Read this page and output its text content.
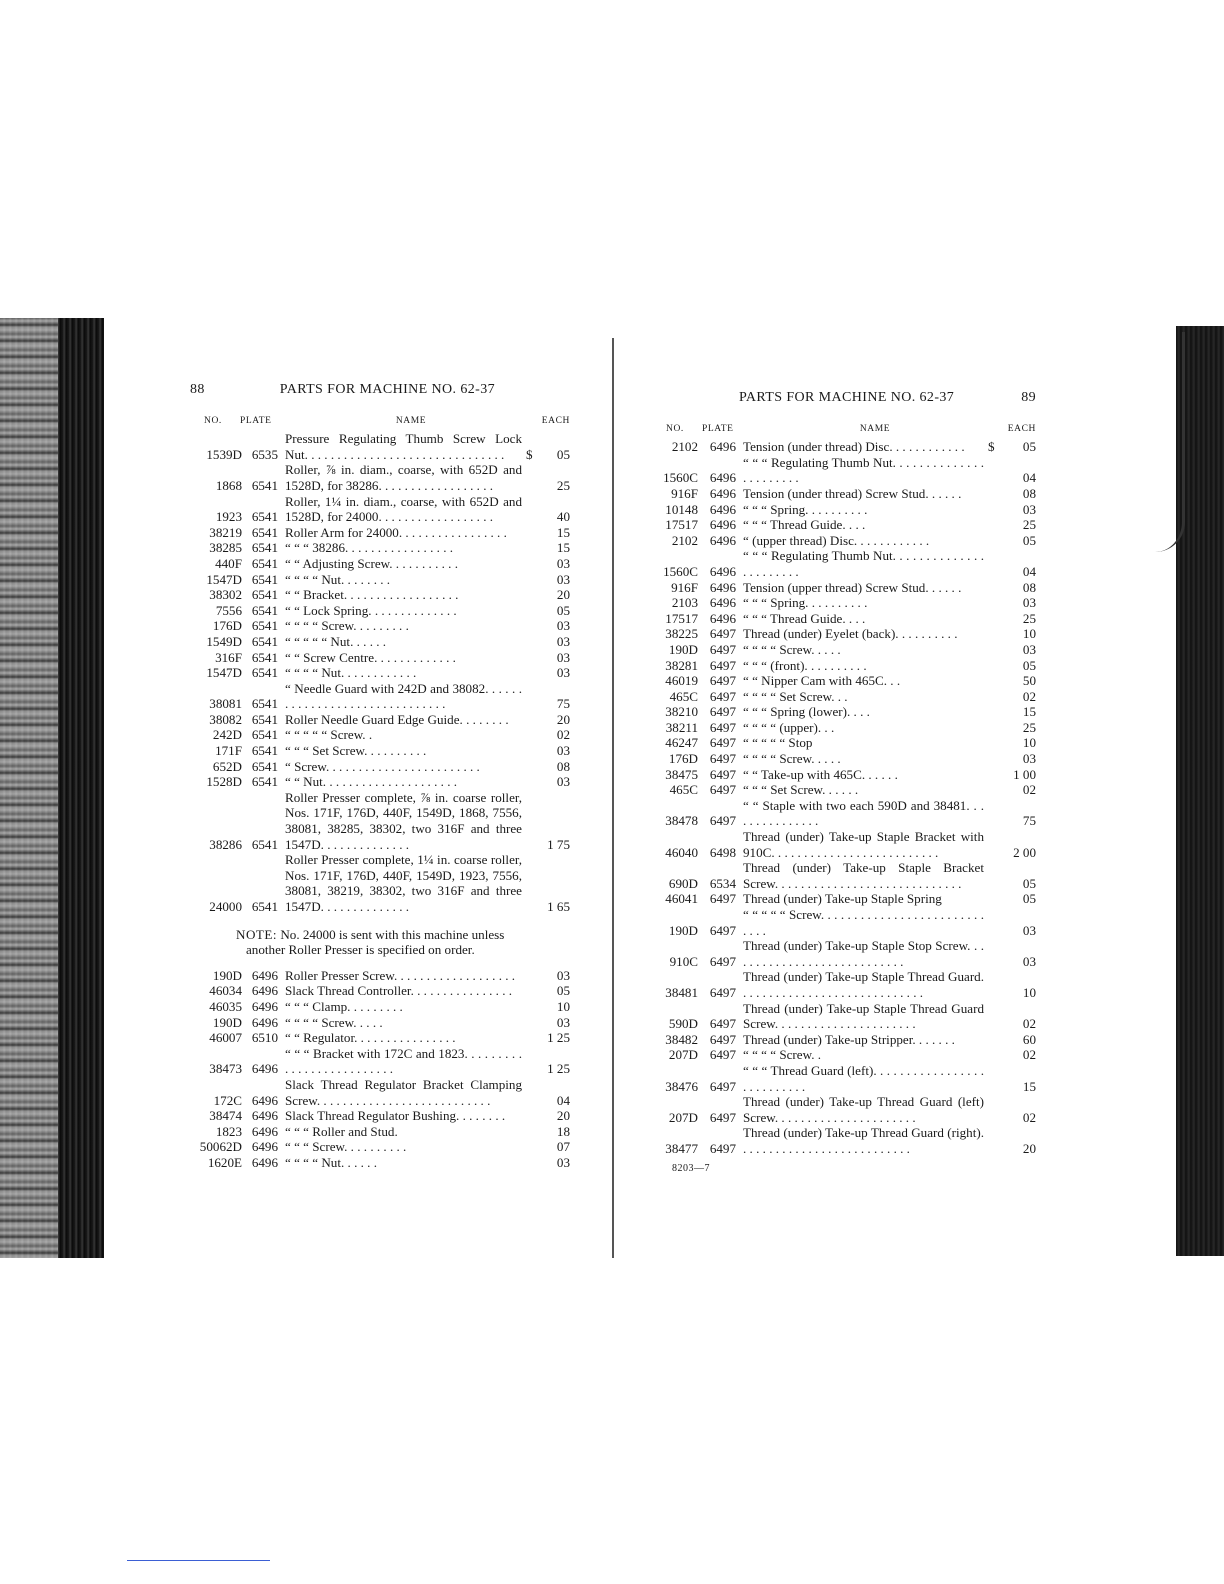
88	PARTS FOR MACHINE NO. 62-37
NO.	PLATE	NAME	EACH
1539D 6535
Pressure Regulating Thumb Screw Lock Nut. . . . . . . . . . . . . . . . . . . . . . . . . . . . . . .	$	05
1868 6541
Roller, ⅞ in. diam., coarse, with 652D and 1528D, for 38286. . . . . . . . . . . . . . . . . .	25
1923 6541
Roller, 1¼ in. diam., coarse, with 652D and 1528D, for 24000. . . . . . . . . . . . . . . . . .	40
38219 6541 Roller Arm for 24000. . . . . . . . . . . . . . . . .	15
38285 6541 “ “ “ 38286. . . . . . . . . . . . . . . . .	15
440F 6541 “ “ Adjusting Screw. . . . . . . . . . .	03
1547D 6541 “ “ “ “ Nut. . . . . . . .	03
38302 6541 “ “ Bracket. . . . . . . . . . . . . . . . . .	20
7556 6541 “ “ Lock Spring. . . . . . . . . . . . . .	05
176D 6541 “ “ “ “ Screw. . . . . . . . .	03
1549D 6541 “ “ “ “ “ Nut. . . . . .	03
316F 6541 “ “ Screw Centre. . . . . . . . . . . . .	03
1547D 6541 “ “ “ “ Nut. . . . . . . . . . . .	03
38081 6541
“ Needle Guard with 242D and 38082. . . . . . . . . . . . . . . . . . . . . . . . . . . . . . .	75
38082 6541 Roller Needle Guard Edge Guide. . . . . . . .	20
242D 6541 “ “ “ “ “ Screw. .	02
171F 6541 “ “ “ Set Screw. . . . . . . . . .	03
652D 6541 “ Screw. . . . . . . . . . . . . . . . . . . . . . . .	08
1528D 6541 “ “ Nut. . . . . . . . . . . . . . . . . . . . .	03
38286 6541
Roller Presser complete, ⅞ in. coarse roller, Nos. 171F, 176D, 440F, 1549D, 1868, 7556, 38081, 38285, 38302, two 316F and three 1547D. . . . . . . . . . . . . .	1 75
24000 6541
Roller Presser complete, 1¼ in. coarse roller, Nos. 171F, 176D, 440F, 1549D, 1923, 7556, 38081, 38219, 38302, two 316F and three 1547D. . . . . . . . . . . . . .	1 65
NOTE: No. 24000 is sent with this machine unless another Roller Presser is specified on order.
190D 6496 Roller Presser Screw. . . . . . . . . . . . . . . . . . .	03
46034 6496 Slack Thread Controller. . . . . . . . . . . . . . . .	05
46035 6496 “ “ “ Clamp. . . . . . . . .	10
190D 6496 “ “ “ “ Screw. . . . .	03
46007 6510 “ “ Regulator. . . . . . . . . . . . . . . .	1 25
38473 6496
“ “ “ Bracket with 172C and 1823. . . . . . . . . . . . . . . . . . . . . . . . . .	1 25
172C 6496
Slack Thread Regulator Bracket Clamping Screw. . . . . . . . . . . . . . . . . . . . . . . . . . .	04
38474 6496 Slack Thread Regulator Bushing. . . . . . . .	20
1823 6496 “ “ “ Roller and Stud.	18
50062D 6496 “ “ “ Screw. . . . . . . . . .	07
1620E 6496 “ “ “ “ Nut. . . . . .	03
PARTS FOR MACHINE NO. 62-37	89
NO.	PLATE	NAME	EACH
2102 6496 Tension (under thread) Disc. . . . . . . . . . . .	$	05
1560C 6496
“ “ “ Regulating Thumb Nut. . . . . . . . . . . . . . . . . . . . . . .	04
916F 6496 Tension (under thread) Screw Stud. . . . . .	08
10148 6496 “ “ “ Spring. . . . . . . . . .	03
17517 6496 “ “ “ Thread Guide. . . .	25
2102 6496 “ (upper thread) Disc. . . . . . . . . . . .	05
1560C 6496
“ “ “ Regulating Thumb Nut. . . . . . . . . . . . . . . . . . . . . . .	04
916F 6496 Tension (upper thread) Screw Stud. . . . . .	08
2103 6496 “ “ “ Spring. . . . . . . . . .	03
17517 6496 “ “ “ Thread Guide. . . .	25
38225 6497 Thread (under) Eyelet (back). . . . . . . . . .	10
190D 6497 “ “ “ “ Screw. . . . .	03
38281 6497 “ “ “ (front). . . . . . . . . .	05
46019 6497 “ “ Nipper Cam with 465C. . .	50
465C 6497 “ “ “ “ Set Screw. . .	02
38210 6497 “ “ “ Spring (lower). . . .	15
38211 6497 “ “ “ “ (upper). . .	25
46247 6497 “ “ “ “ “ Stop	10
176D 6497 “ “ “ “ Screw. . . . .	03
38475 6497 “ “ Take-up with 465C. . . . . .	1 00
465C 6497 “ “ “ Set Screw. . . . . .	02
38478 6497
“ “ Staple with two each 590D and 38481. . . . . . . . . . . . . . .	75
46040 6498
Thread (under) Take-up Staple Bracket with 910C. . . . . . . . . . . . . . . . . . . . . . . . . .	2 00
690D 6534
Thread (under) Take-up Staple Bracket Screw. . . . . . . . . . . . . . . . . . . . . . . . . . . . .	05
46041 6497 Thread (under) Take-up Staple Spring	05
190D 6497
“ “ “ “ “ Screw. . . . . . . . . . . . . . . . . . . . . . . . . . . . .	03
910C 6497
Thread (under) Take-up Staple Stop Screw. . . . . . . . . . . . . . . . . . . . . . . . . . . .	03
38481 6497
Thread (under) Take-up Staple Thread Guard. . . . . . . . . . . . . . . . . . . . . . . . . . . . .	10
590D 6497
Thread (under) Take-up Staple Thread Guard Screw. . . . . . . . . . . . . . . . . . . . . .	02
38482 6497 Thread (under) Take-up Stripper. . . . . . .	60
207D 6497 “ “ “ “ Screw. .	02
38476 6497
“ “ “ Thread Guard (left). . . . . . . . . . . . . . . . . . . . . . . . . . .	15
207D 6497
Thread (under) Take-up Thread Guard (left) Screw. . . . . . . . . . . . . . . . . . . . . .	02
38477 6497
Thread (under) Take-up Thread Guard (right). . . . . . . . . . . . . . . . . . . . . . . . . . .	20
8203—7
